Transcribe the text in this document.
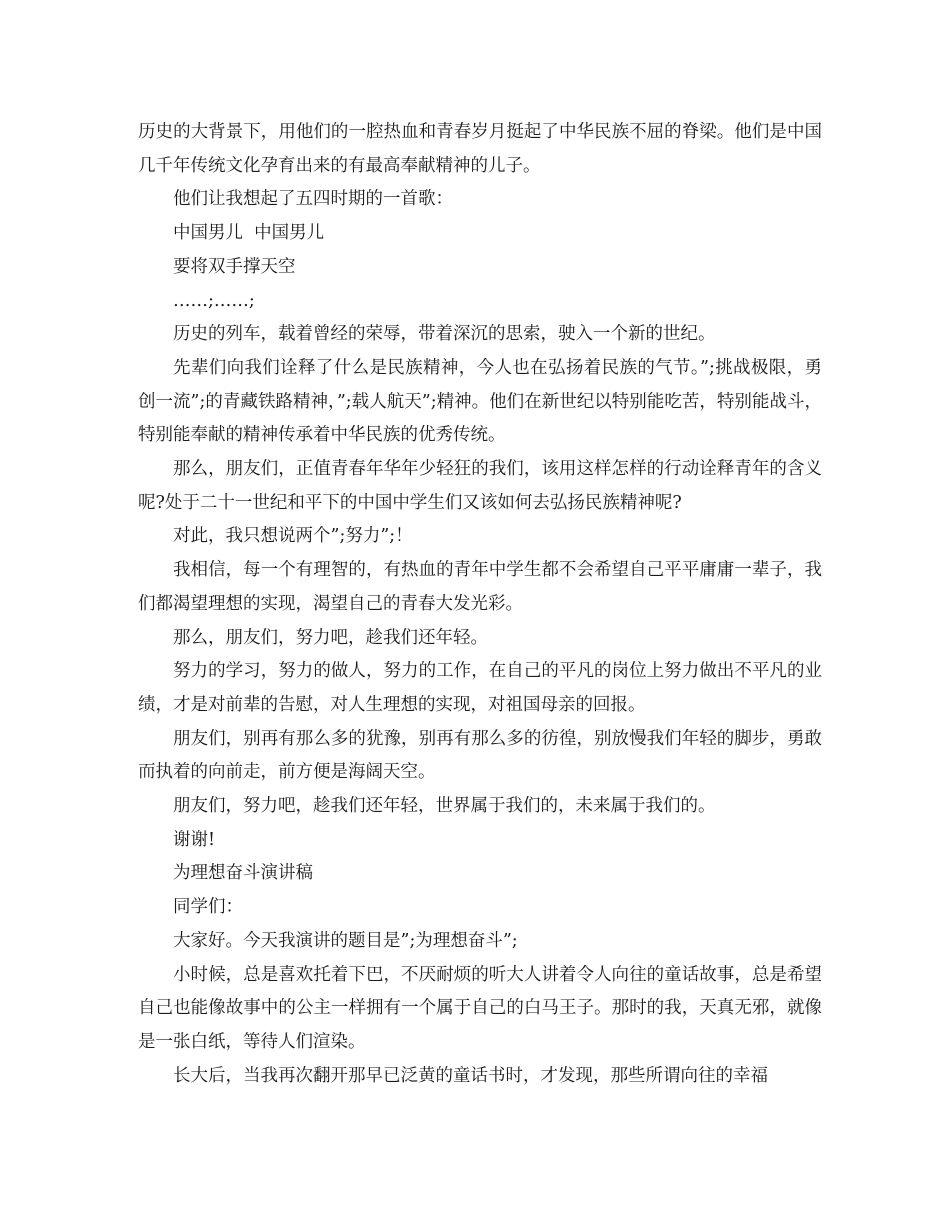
历史的大背景下，用他们的一腔热血和青春岁月挺起了中华民族不屈的脊梁。他们是中国几千年传统文化孕育出来的有最高奉献精神的儿子。

他们让我想起了五四时期的一首歌：

中国男儿  中国男儿

要将双手撑天空

……;……;

历史的列车，载着曾经的荣辱，带着深沉的思索，驶入一个新的世纪。

先辈们向我们诠释了什么是民族精神，今人也在弘扬着民族的气节。”;挑战极限，勇创一流”;的青藏铁路精神，”;载人航天”;精神。他们在新世纪以特别能吃苦，特别能战斗，特别能奉献的精神传承着中华民族的优秀传统。

那么，朋友们，正值青春年华年少轻狂的我们，该用这样怎样的行动诠释青年的含义呢?处于二十一世纪和平下的中国中学生们又该如何去弘扬民族精神呢?

对此，我只想说两个”;努力”;！

我相信，每一个有理智的，有热血的青年中学生都不会希望自己平平庸庸一辈子，我们都渴望理想的实现，渴望自己的青春大发光彩。

那么，朋友们，努力吧，趁我们还年轻。

努力的学习，努力的做人，努力的工作，在自己的平凡的岗位上努力做出不平凡的业绩，才是对前辈的告慰，对人生理想的实现，对祖国母亲的回报。

朋友们，别再有那么多的犹豫，别再有那么多的彷徨，别放慢我们年轻的脚步，勇敢而执着的向前走，前方便是海阔天空。

朋友们，努力吧，趁我们还年轻，世界属于我们的，未来属于我们的。

谢谢!

为理想奋斗演讲稿

同学们：

大家好。今天我演讲的题目是”;为理想奋斗”;

小时候，总是喜欢托着下巴，不厌耐烦的听大人讲着令人向往的童话故事，总是希望自己也能像故事中的公主一样拥有一个属于自己的白马王子。那时的我，天真无邪，就像是一张白纸，等待人们渲染。

长大后，当我再次翻开那早已泛黄的童话书时，才发现，那些所谓向往的幸福
